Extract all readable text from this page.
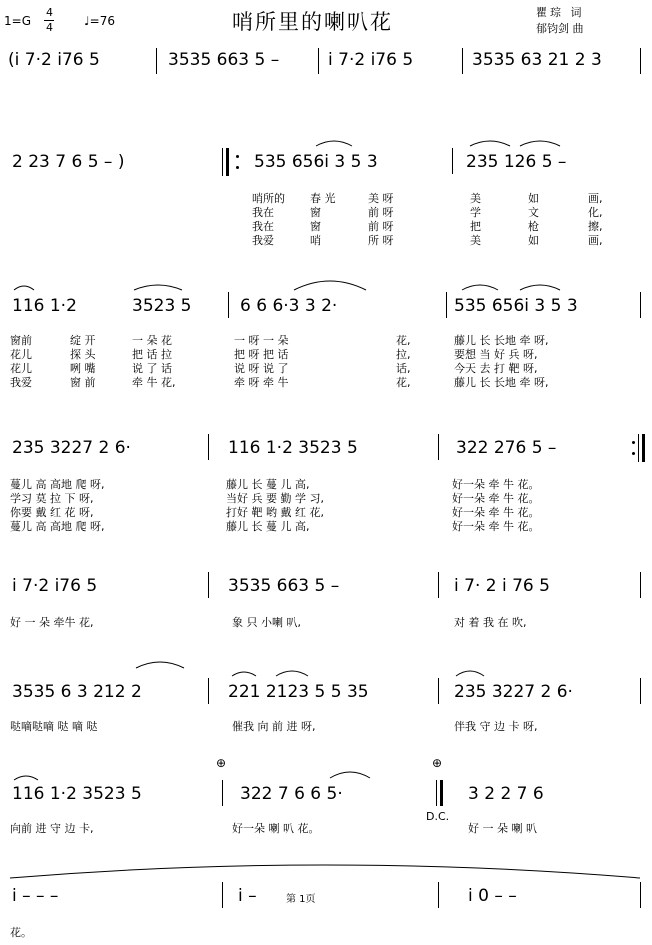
1=G
4
4	♩=76	哨所里的喇叭花	瞿琮 词
郁钧剑 曲
(i 7·2 i76 5	3535 663 5 –	i 7·2 i76 5	3535 63 21 2 3
2 23 7 6 5 – )	535 656i 3 5 3	235 126 5 –
哨所的 春 光	美 呀	美	如	画,
我在	窗	前 呀	学	文	化,
我在	窗	前 呀	把	枪	擦,
我爱	哨	所 呀	美	如	画,
116 1·2	3523 5	6 6 6·3 3 2·	535 656i 3 5 3
窗前	绽 开	一 朵 花	一 呀 一 朵	花,	藤儿 长 长地 牵 呀,
花儿	探 头	把 话 拉	把 呀 把 话	拉,	要想 当 好 兵 呀,
花儿	咧 嘴	说 了 话	说 呀 说 了	话,	今天 去 打 靶 呀,
我爱	窗 前	牵 牛 花,	牵 呀 牵 牛	花,	藤儿 长 长地 牵 呀,
235 3227 2 6·	116 1·2 3523 5	322 276 5 –
蔓儿 高 高地 爬 呀,	藤儿 长 蔓 儿 高,	好一朵 牵 牛 花。
学习 莫 拉 下 呀,	当好 兵 要 勤 学 习,	好一朵 牵 牛 花。
你要 戴 红 花 呀,	打好 靶 哟 戴 红 花,	好一朵 牵 牛 花。
蔓儿 高 高地 爬 呀,	藤儿 长 蔓 儿 高,	好一朵 牵 牛 花。
i 7·2 i76 5	3535 663 5 –	i 7· 2 i 76 5
好 一 朵 牵牛 花,	象 只 小喇 叭,	对 着 我 在 吹,
3535 6 3 212 2	221 2123 5 5 35	235 3227 2 6·
哒嘀哒嘀 哒 嘀 哒	催我 向 前 进 呀,	伴我 守 边 卡 呀,
⊕	⊕
116 1·2 3523 5	322 7 6 6 5·	3 2 2 7 6
D.C.
向前 进 守 边 卡,	好一朵 喇 叭 花。	好 一 朵 喇 叭
i – – –	i –	i 0 – –
第 1页
花。
